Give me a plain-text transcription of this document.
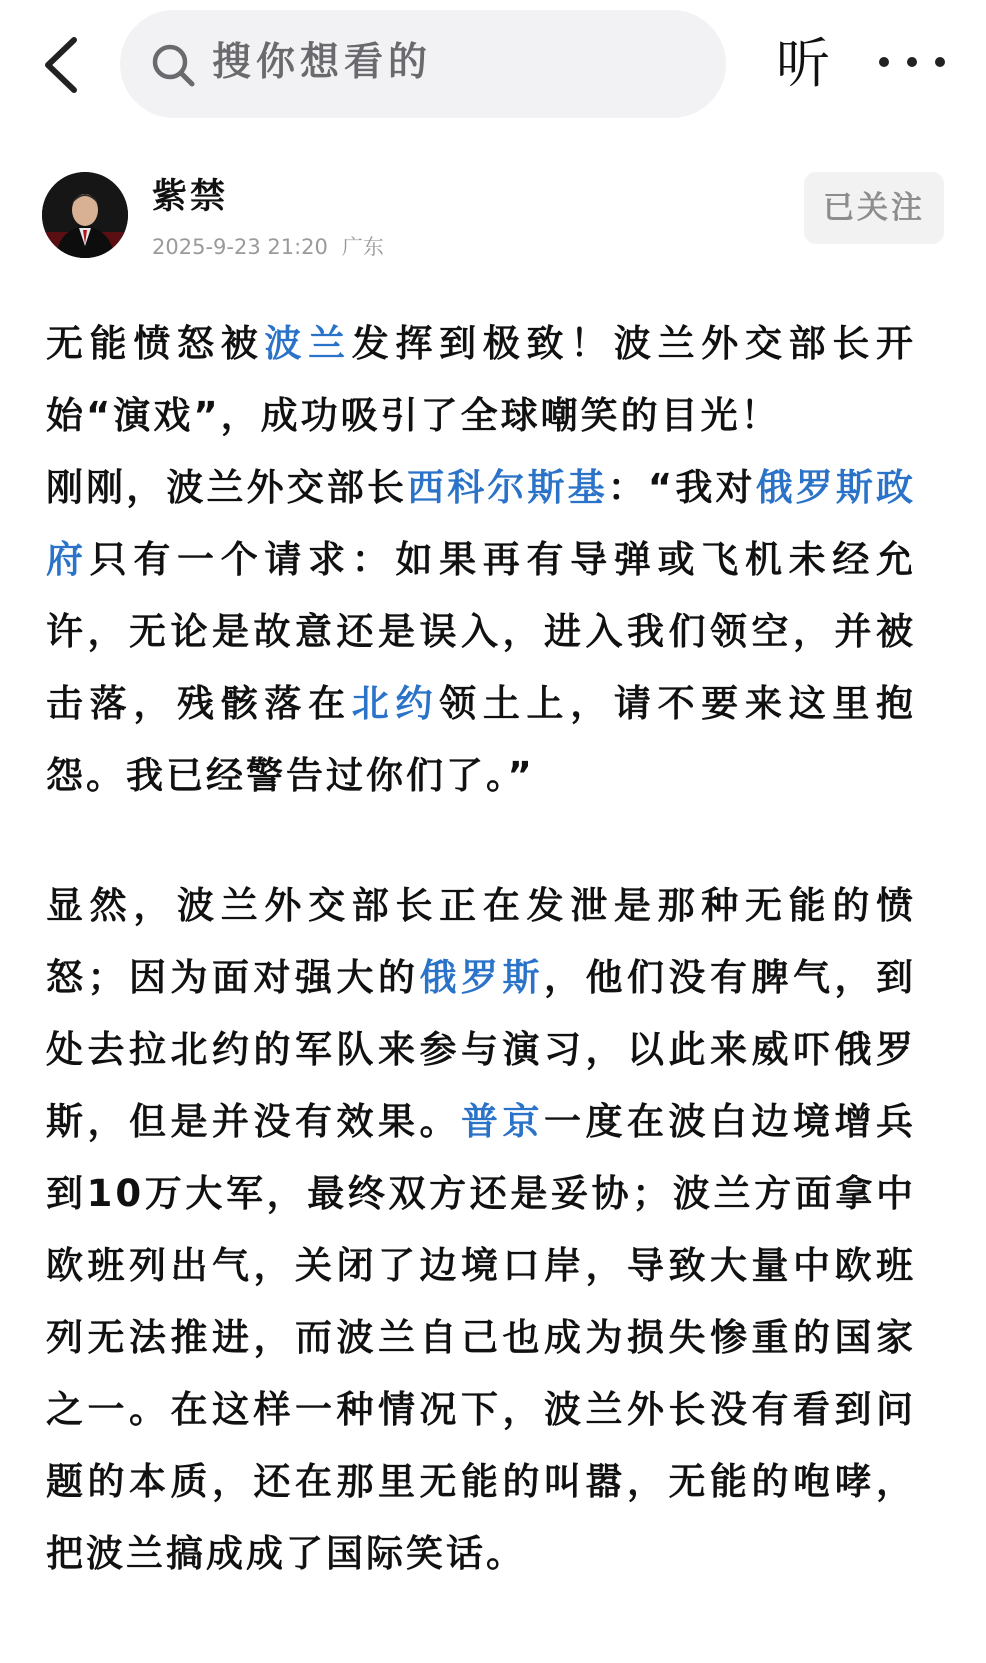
搜你想看的	听
紫禁
2025-9-23 21:20 广东
已关注

无能愤怒被波兰发挥到极致！波兰外交部长开始“演戏”，成功吸引了全球嘲笑的目光！
刚刚，波兰外交部长西科尔斯基：“我对俄罗斯政府只有一个请求：如果再有导弹或飞机未经允许，无论是故意还是误入，进入我们领空，并被击落，残骸落在北约领土上，请不要来这里抱怨。我已经警告过你们了。”

显然，波兰外交部长正在发泄是那种无能的愤怒；因为面对强大的俄罗斯，他们没有脾气，到处去拉北约的军队来参与演习，以此来威吓俄罗斯，但是并没有效果。普京一度在波白边境增兵到10万大军，最终双方还是妥协；波兰方面拿中欧班列出气，关闭了边境口岸，导致大量中欧班列无法推进，而波兰自己也成为损失惨重的国家之一。在这样一种情况下，波兰外长没有看到问题的本质，还在那里无能的叫嚣，无能的咆哮，把波兰搞成成了国际笑话。
